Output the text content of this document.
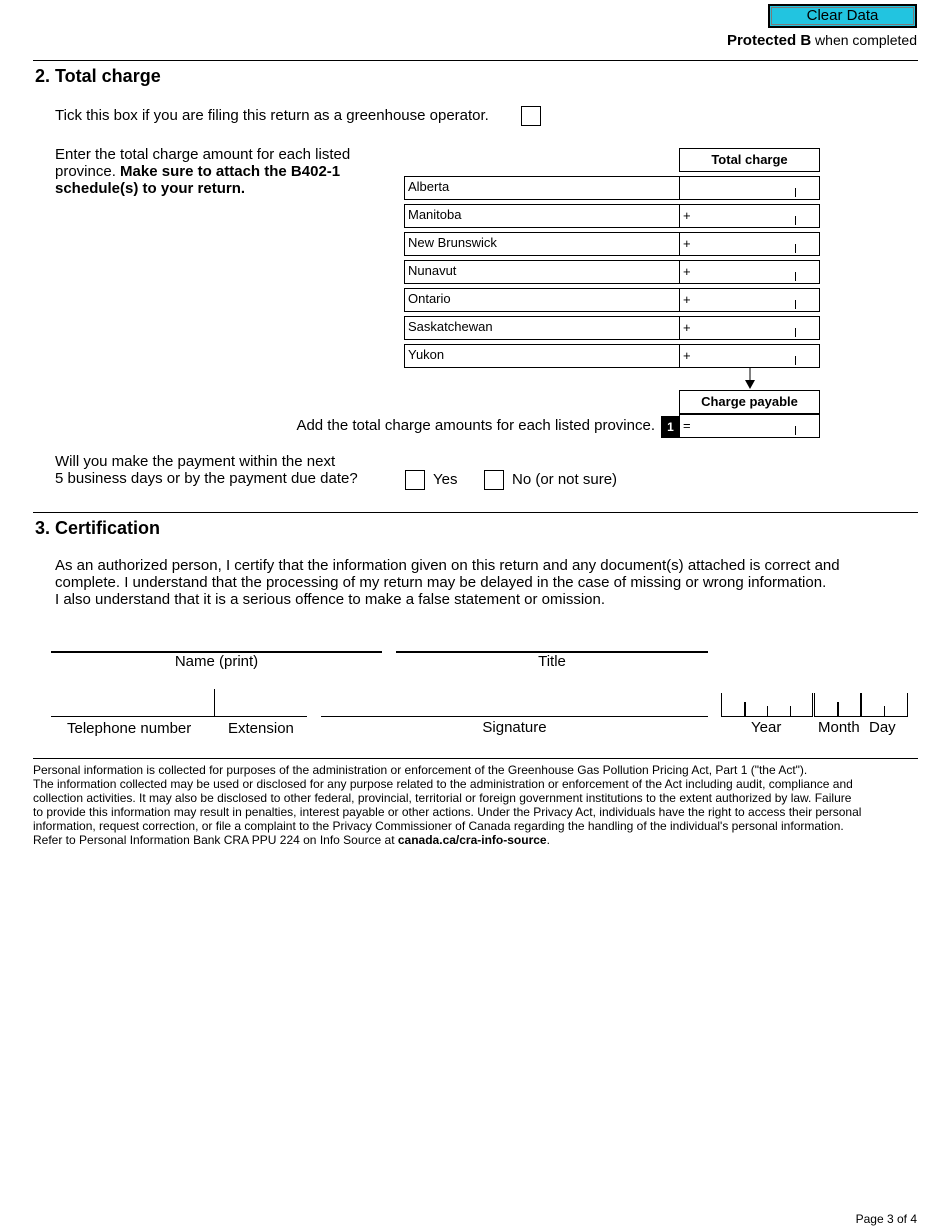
Clear Data
Protected B when completed
2. Total charge
Tick this box if you are filing this return as a greenhouse operator.
Enter the total charge amount for each listed province. Make sure to attach the B402-1 schedule(s) to your return.
Total charge
Alberta
Manitoba	+
New Brunswick	+
Nunavut	+
Ontario	+
Saskatchewan	+
Yukon	+
Charge payable
Add the total charge amounts for each listed province.	1 =
Will you make the payment within the next
5 business days or by the payment due date?	Yes	No (or not sure)
3. Certification
As an authorized person, I certify that the information given on this return and any document(s) attached is correct and
complete. I understand that the processing of my return may be delayed in the case of missing or wrong information.
I also understand that it is a serious offence to make a false statement or omission.
Name (print)	Title
Telephone number Extension	Signature	Year Month Day
Personal information is collected for purposes of the administration or enforcement of the Greenhouse Gas Pollution Pricing Act, Part 1 ("the Act").
The information collected may be used or disclosed for any purpose related to the administration or enforcement of the Act including audit, compliance and
collection activities. It may also be disclosed to other federal, provincial, territorial or foreign government institutions to the extent authorized by law. Failure
to provide this information may result in penalties, interest payable or other actions. Under the Privacy Act, individuals have the right to access their personal
information, request correction, or file a complaint to the Privacy Commissioner of Canada regarding the handling of the individual's personal information.
Refer to Personal Information Bank CRA PPU 224 on Info Source at canada.ca/cra-info-source.
Page 3 of 4
